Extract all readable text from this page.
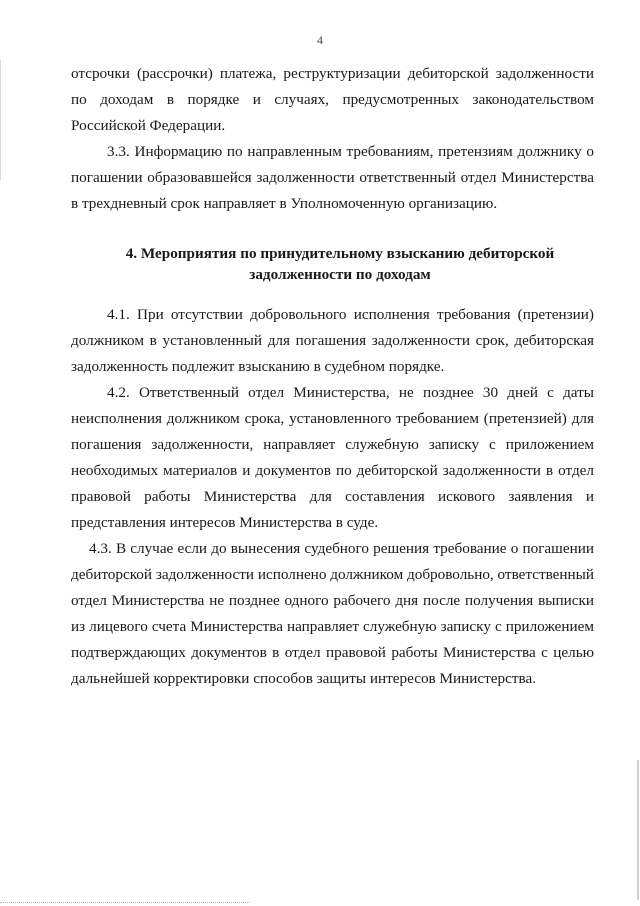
4

отсрочки (рассрочки) платежа, реструктуризации дебиторской задолженности по доходам в порядке и случаях, предусмотренных законодательством Российской Федерации.

3.3. Информацию по направленным требованиям, претензиям должнику о погашении образовавшейся задолженности ответственный отдел Министерства в трехдневный срок направляет в Уполномоченную организацию.

4. Мероприятия по принудительному взысканию дебиторской задолженности по доходам

4.1. При отсутствии добровольного исполнения требования (претензии) должником в установленный для погашения задолженности срок, дебиторская задолженность подлежит взысканию в судебном порядке.

4.2. Ответственный отдел Министерства, не позднее 30 дней с даты неисполнения должником срока, установленного требованием (претензией) для погашения задолженности, направляет служебную записку с приложением необходимых материалов и документов по дебиторской задолженности в отдел правовой работы Министерства для составления искового заявления и представления интересов Министерства в суде.

4.3. В случае если до вынесения судебного решения требование о погашении дебиторской задолженности исполнено должником добровольно, ответственный отдел Министерства не позднее одного рабочего дня после получения выписки из лицевого счета Министерства направляет служебную записку с приложением подтверждающих документов в отдел правовой работы Министерства с целью дальнейшей корректировки способов защиты интересов Министерства.
